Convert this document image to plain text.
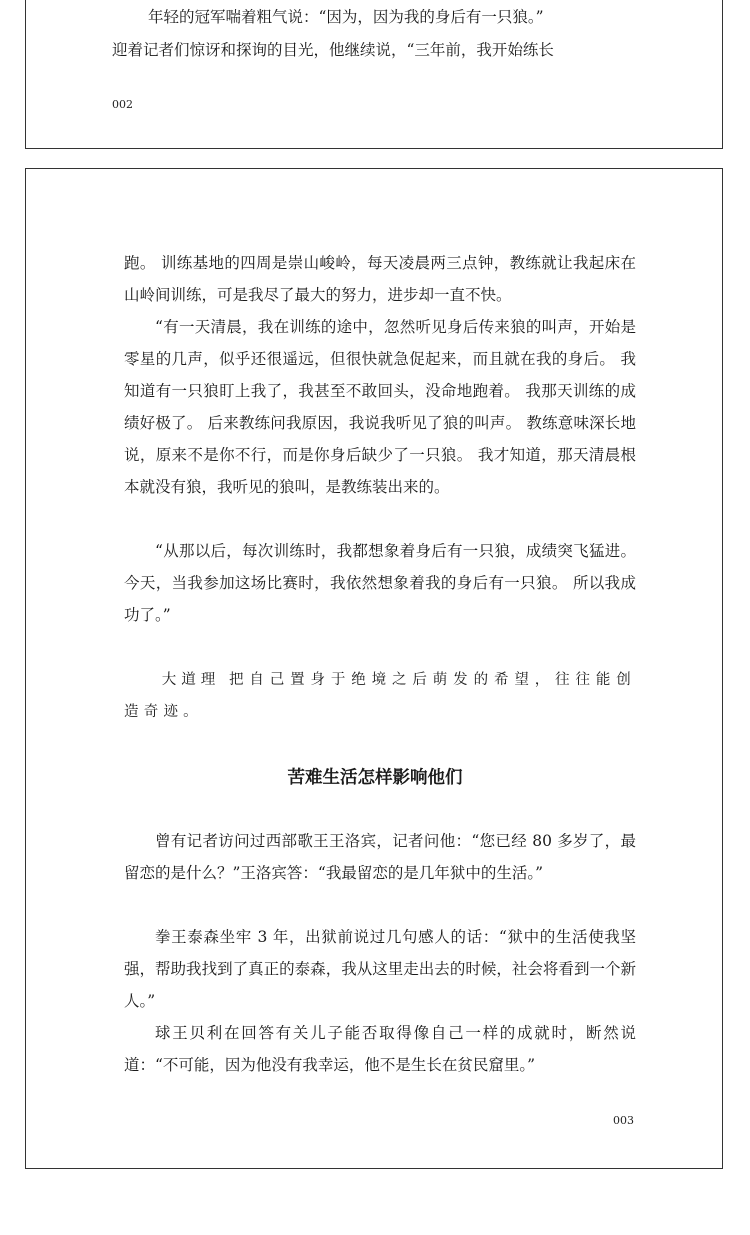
年轻的冠军喘着粗气说：“因为，因为我的身后有一只狼。”
迎着记者们惊讶和探询的目光，他继续说，“三年前，我开始练长
002

跑。 训练基地的四周是崇山峻岭，每天凌晨两三点钟，教练就让我起床在山岭间训练，可是我尽了最大的努力，进步却一直不快。

“有一天清晨，我在训练的途中，忽然听见身后传来狼的叫声，开始是零星的几声，似乎还很遥远，但很快就急促起来，而且就在我的身后。 我知道有一只狼盯上我了，我甚至不敢回头，没命地跑着。 我那天训练的成绩好极了。 后来教练问我原因，我说我听见了狼的叫声。 教练意味深长地说，原来不是你不行，而是你身后缺少了一只狼。 我才知道，那天清晨根本就没有狼，我听见的狼叫，是教练装出来的。

“从那以后，每次训练时，我都想象着身后有一只狼，成绩突飞猛进。 今天，当我参加这场比赛时，我依然想象着我的身后有一只狼。 所以我成功了。”

大道理 把自己置身于绝境之后萌发的希望，往往能创造奇迹。

苦难生活怎样影响他们

曾有记者访问过西部歌王王洛宾，记者问他：“您已经 80 多岁了，最留恋的是什么？”王洛宾答：“我最留恋的是几年狱中的生活。”

拳王泰森坐牢 3 年，出狱前说过几句感人的话：“狱中的生活使我坚强，帮助我找到了真正的泰森，我从这里走出去的时候，社会将看到一个新人。”

球王贝利在回答有关儿子能否取得像自己一样的成就时，断然说道：“不可能，因为他没有我幸运，他不是生长在贫民窟里。”

003
